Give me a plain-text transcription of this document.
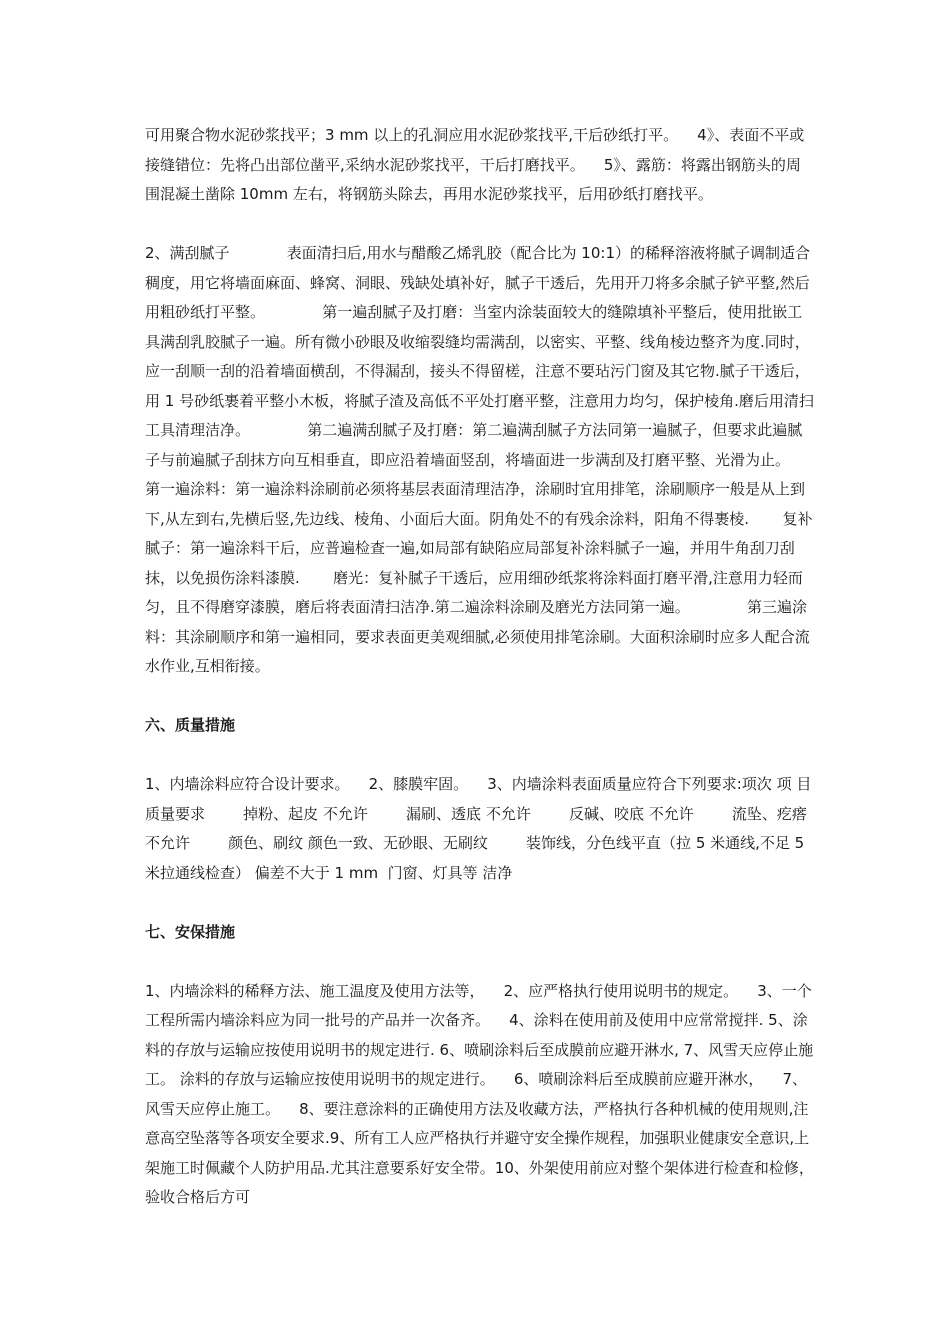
可用聚合物水泥砂浆找平；3 mm 以上的孔洞应用水泥砂浆找平,干后砂纸打平。    4》、表面不平或接缝错位：先将凸出部位凿平,采纳水泥砂浆找平，干后打磨找平。    5》、露筋：将露出钢筋头的周围混凝土凿除 10mm 左右，将钢筋头除去，再用水泥砂浆找平，后用砂纸打磨找平。

2、满刮腻子            表面清扫后,用水与醋酸乙烯乳胶（配合比为 10:1）的稀释溶液将腻子调制适合稠度，用它将墙面麻面、蜂窝、洞眼、残缺处填补好，腻子干透后，先用开刀将多余腻子铲平整,然后用粗砂纸打平整。            第一遍刮腻子及打磨：当室内涂装面较大的缝隙填补平整后，使用批嵌工具满刮乳胶腻子一遍。所有微小砂眼及收缩裂缝均需满刮，以密实、平整、线角棱边整齐为度.同时，应一刮顺一刮的沿着墙面横刮，不得漏刮，接头不得留槎，注意不要玷污门窗及其它物.腻子干透后，用 1 号砂纸裹着平整小木板，将腻子渣及高低不平处打磨平整，注意用力均匀，保护棱角.磨后用清扫工具清理洁净。            第二遍满刮腻子及打磨：第二遍满刮腻子方法同第一遍腻子，但要求此遍腻子与前遍腻子刮抹方向互相垂直，即应沿着墙面竖刮，将墙面进一步满刮及打磨平整、光滑为止。

第一遍涂料：第一遍涂料涂刷前必须将基层表面清理洁净，涂刷时宜用排笔，涂刷顺序一般是从上到下,从左到右,先横后竖,先边线、棱角、小面后大面。阴角处不的有残余涂料，阳角不得裹棱.       复补腻子：第一遍涂料干后，应普遍检查一遍,如局部有缺陷应局部复补涂料腻子一遍，并用牛角刮刀刮抹，以免损伤涂料漆膜.       磨光：复补腻子干透后，应用细砂纸浆将涂料面打磨平滑,注意用力轻而匀，且不得磨穿漆膜，磨后将表面清扫洁净.第二遍涂料涂刷及磨光方法同第一遍。            第三遍涂料：其涂刷顺序和第一遍相同，要求表面更美观细腻,必须使用排笔涂刷。大面积涂刷时应多人配合流水作业,互相衔接。

六、质量措施

1、内墙涂料应符合设计要求。    2、膝膜牢固。    3、内墙涂料表面质量应符合下列要求:项次 项 目 质量要求        掉粉、起皮 不允许        漏刷、透底 不允许        反碱、咬底 不允许        流坠、疙瘩 不允许        颜色、刷纹 颜色一致、无砂眼、无刷纹        装饰线，分色线平直（拉 5 米通线,不足 5 米拉通线检查） 偏差不大于 1 mm  门窗、灯具等 洁净

七、安保措施

1、内墙涂料的稀释方法、施工温度及使用方法等，    2、应严格执行使用说明书的规定。    3、一个工程所需内墙涂料应为同一批号的产品并一次备齐。    4、涂料在使用前及使用中应常常搅拌. 5、涂料的存放与运输应按使用说明书的规定进行. 6、喷刷涂料后至成膜前应避开淋水, 7、风雪天应停止施工。 涂料的存放与运输应按使用说明书的规定进行。    6、喷刷涂料后至成膜前应避开淋水，    7、风雪天应停止施工。    8、要注意涂料的正确使用方法及收藏方法，严格执行各种机械的使用规则,注意高空坠落等各项安全要求.9、所有工人应严格执行并避守安全操作规程，加强职业健康安全意识,上架施工时佩藏个人防护用品.尤其注意要系好安全带。10、外架使用前应对整个架体进行检查和检修，验收合格后方可
